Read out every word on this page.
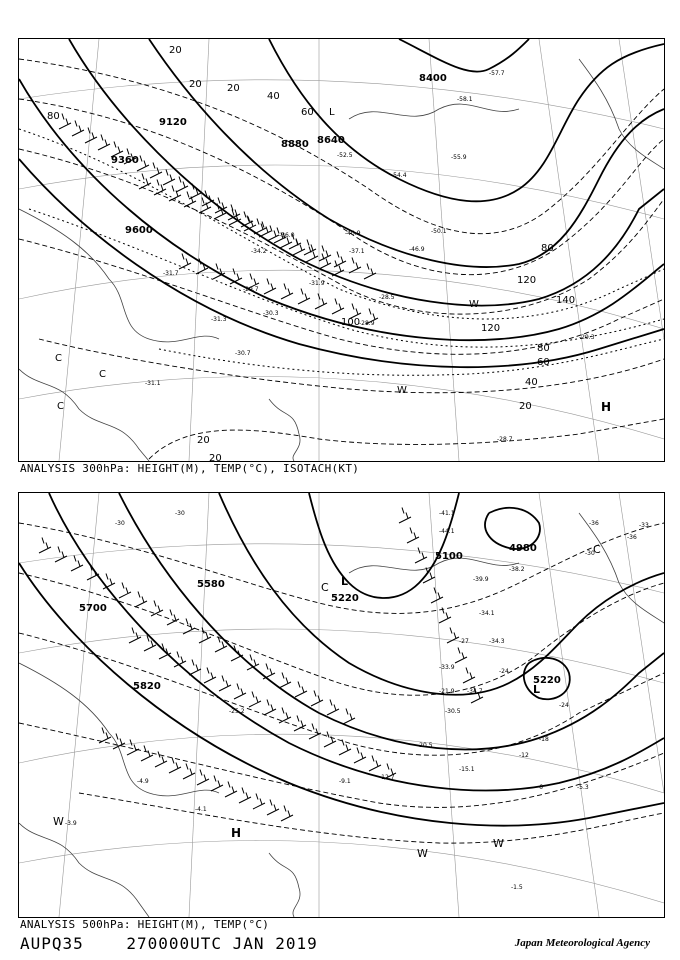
8400
8640
8880
9120
9360
9600
20
20	20
40
60
80
80
120
140
120
100
80
60
40
20
20
20
-57.7
-58.1
-55.9
-54.4
-52.5
-50.1
-46.9
-40.9
-37.1
-36.0
-34.2
-31.9
-29.7
-31.7
-28.5
-30.3
-31.3
-30.7
-28.9
-29.3
-28.7
-31.1
H
C
C
C
W
W
L
ANALYSIS 300hPa: HEIGHT(M), TEMP(°C), ISOTACH(KT)
5100
4980
5220
5220
5580
5700
5820
-30
-30
-36
-36
-33
-30
-24
-18
-12
-6
-24
-27
-34.1
-34.3
-34.7
-41.1
-44.1
-38.2
-39.9
-33.9
-21.9
-30.5
-25.2
-20.5
-15.1
-12.7
-9.1
-4.9
-5.3
-4.1
-3.9
-1.5
L
L
C
C
H
W
W
W
ANALYSIS 500hPa: HEIGHT(M), TEMP(°C)
AUPQ35	270000UTC JAN 2019	Japan Meteorological Agency
